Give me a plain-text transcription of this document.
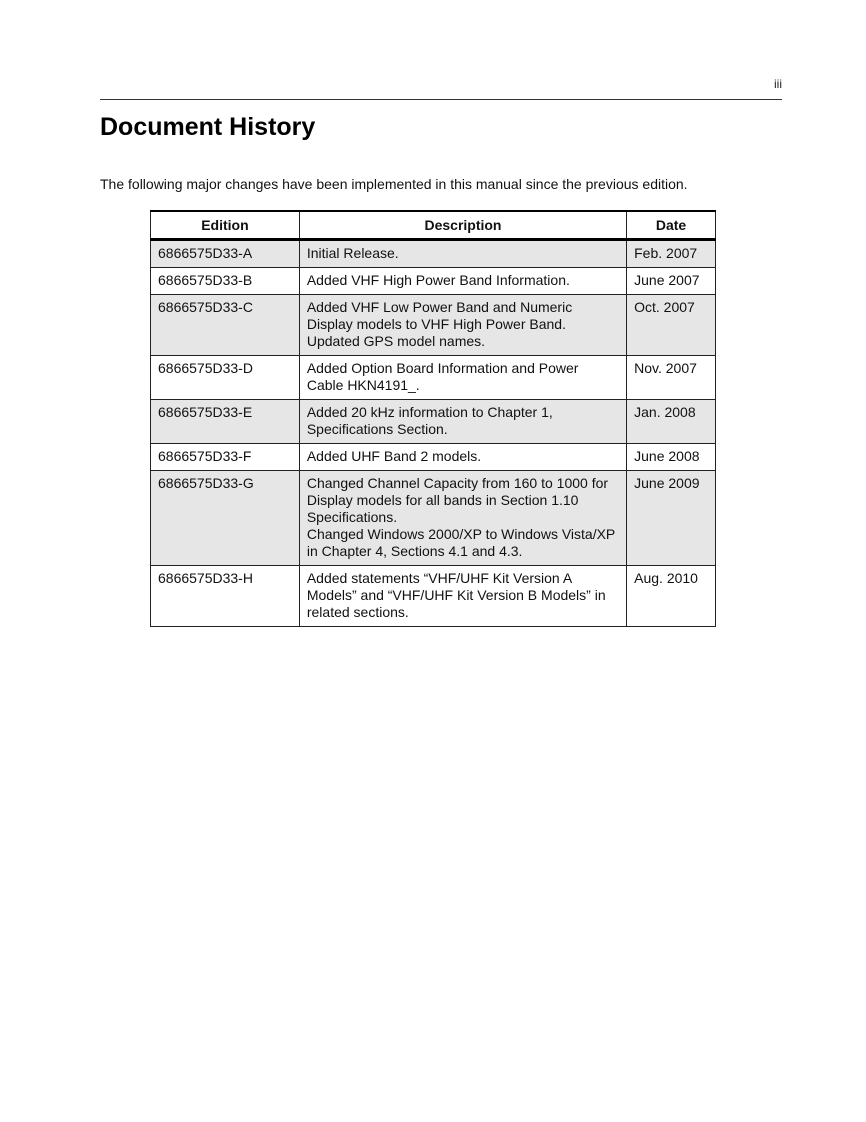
iii
Document History

The following major changes have been implemented in this manual since the previous edition.

Edition	Description	Date
6866575D33-A	Initial Release.	Feb. 2007
6866575D33-B	Added VHF High Power Band Information.	June 2007
6866575D33-C	Added VHF Low Power Band and Numeric
Display models to VHF High Power Band.
Updated GPS model names.	Oct. 2007
6866575D33-D	Added Option Board Information and Power
Cable HKN4191_.	Nov. 2007
6866575D33-E	Added 20 kHz information to Chapter 1,
Specifications Section.	Jan. 2008
6866575D33-F	Added UHF Band 2 models.	June 2008
6866575D33-G	Changed Channel Capacity from 160 to 1000 for
Display models for all bands in Section 1.10
Specifications.
Changed Windows 2000/XP to Windows Vista/XP
in Chapter 4, Sections 4.1 and 4.3.	June 2009
6866575D33-H	Added statements “VHF/UHF Kit Version A
Models” and “VHF/UHF Kit Version B Models” in
related sections.	Aug. 2010
